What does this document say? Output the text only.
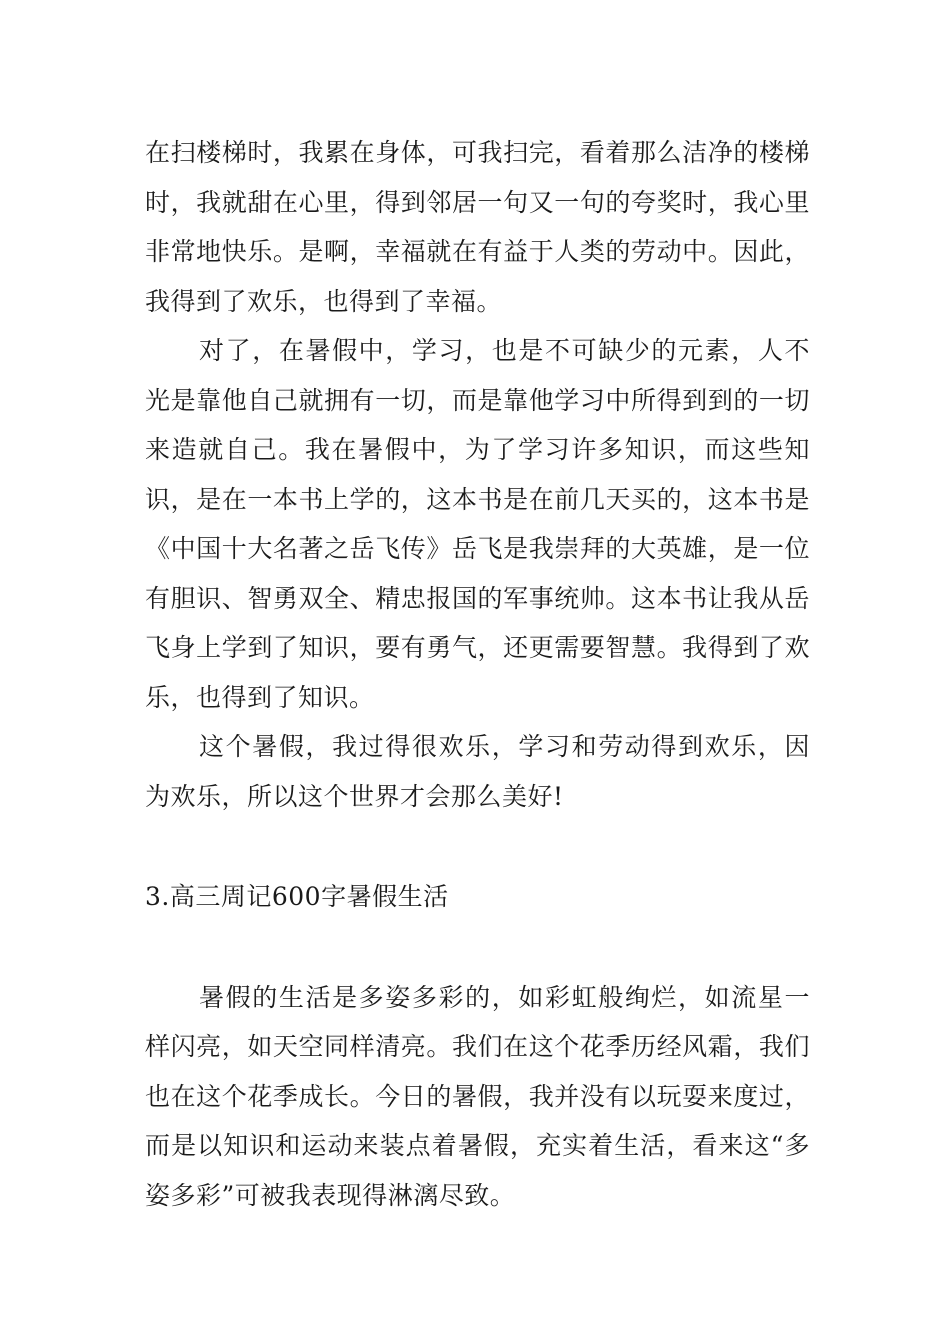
在扫楼梯时，我累在身体，可我扫完，看着那么洁净的楼梯时，我就甜在心里，得到邻居一句又一句的夸奖时，我心里非常地快乐。是啊，幸福就在有益于人类的劳动中。因此，我得到了欢乐，也得到了幸福。

对了，在暑假中，学习，也是不可缺少的元素，人不光是靠他自己就拥有一切，而是靠他学习中所得到到的一切来造就自己。我在暑假中，为了学习许多知识，而这些知识，是在一本书上学的，这本书是在前几天买的，这本书是《中国十大名著之岳飞传》岳飞是我崇拜的大英雄，是一位有胆识、智勇双全、精忠报国的军事统帅。这本书让我从岳飞身上学到了知识，要有勇气，还更需要智慧。我得到了欢乐，也得到了知识。

这个暑假，我过得很欢乐，学习和劳动得到欢乐，因为欢乐，所以这个世界才会那么美好!

3.高三周记600字暑假生活

暑假的生活是多姿多彩的，如彩虹般绚烂，如流星一样闪亮，如天空同样清亮。我们在这个花季历经风霜，我们也在这个花季成长。今日的暑假，我并没有以玩耍来度过，而是以知识和运动来装点着暑假，充实着生活，看来这“多姿多彩”可被我表现得淋漓尽致。
